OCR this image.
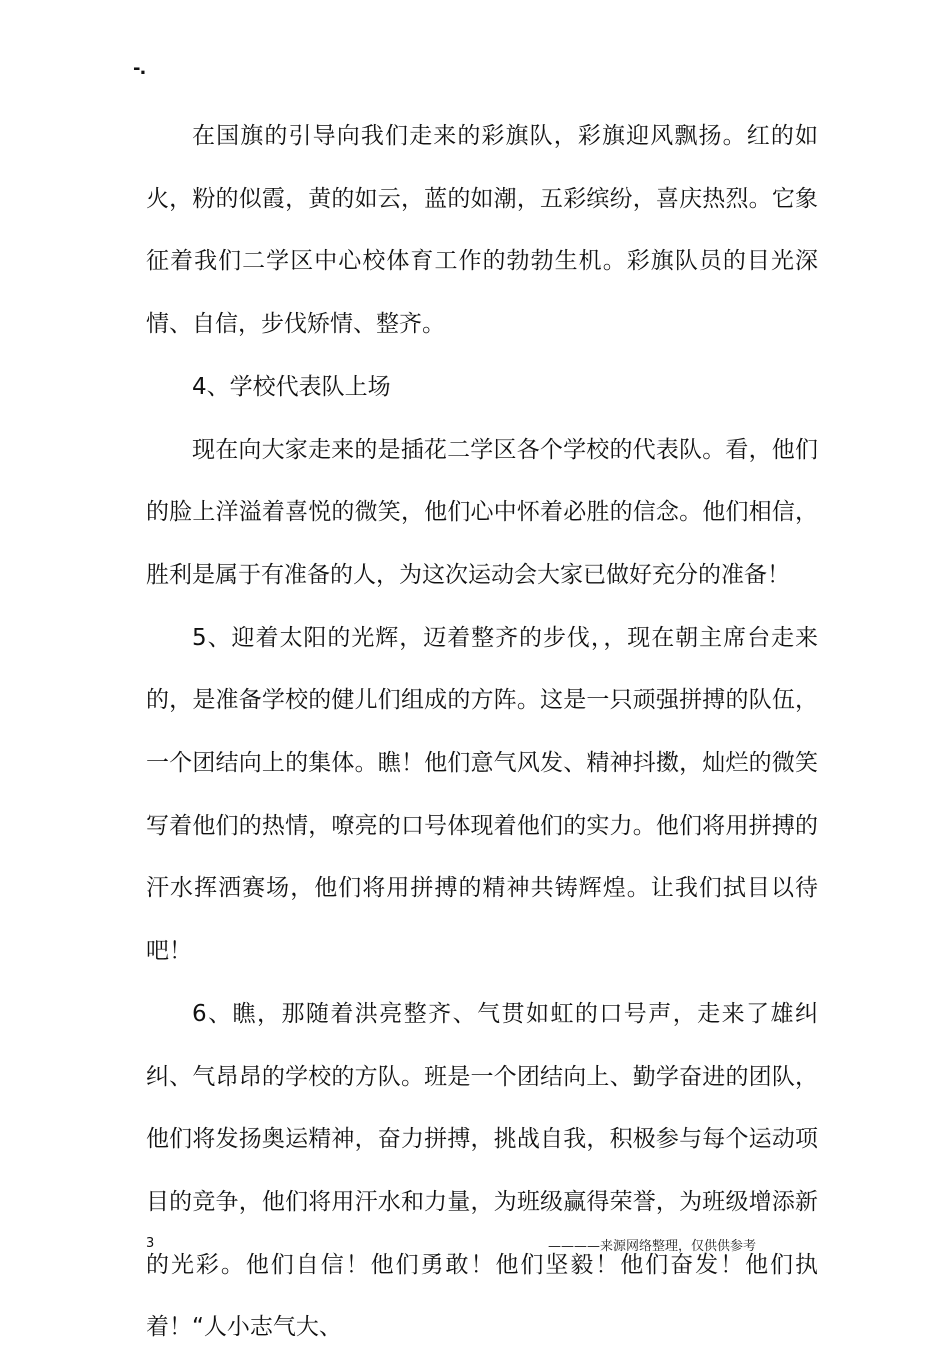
-.

在国旗的引导向我们走来的彩旗队，彩旗迎风飘扬。红的如火，粉的似霞，黄的如云，蓝的如潮，五彩缤纷，喜庆热烈。它象征着我们二学区中心校体育工作的勃勃生机。彩旗队员的目光深情、自信，步伐矫情、整齐。

4、学校代表队上场

现在向大家走来的是插花二学区各个学校的代表队。看，他们的脸上洋溢着喜悦的微笑，他们心中怀着必胜的信念。他们相信，胜利是属于有准备的人，为这次运动会大家已做好充分的准备！

5、迎着太阳的光辉，迈着整齐的步伐，，现在朝主席台走来的，是准备学校的健儿们组成的方阵。这是一只顽强拼搏的队伍，一个团结向上的集体。瞧！他们意气风发、精神抖擞，灿烂的微笑写着他们的热情，嘹亮的口号体现着他们的实力。他们将用拼搏的汗水挥洒赛场，他们将用拼搏的精神共铸辉煌。让我们拭目以待吧！

6、瞧，那随着洪亮整齐、气贯如虹的口号声，走来了雄纠纠、气昂昂的学校的方队。班是一个团结向上、勤学奋进的团队，他们将发扬奥运精神，奋力拼搏，挑战自我，积极参与每个运动项目的竞争，他们将用汗水和力量，为班级赢得荣誉，为班级增添新的光彩。他们自信！他们勇敢！他们坚毅！他们奋发！他们执着！“人小志气大、

3	————来源网络整理，仅供供参考
